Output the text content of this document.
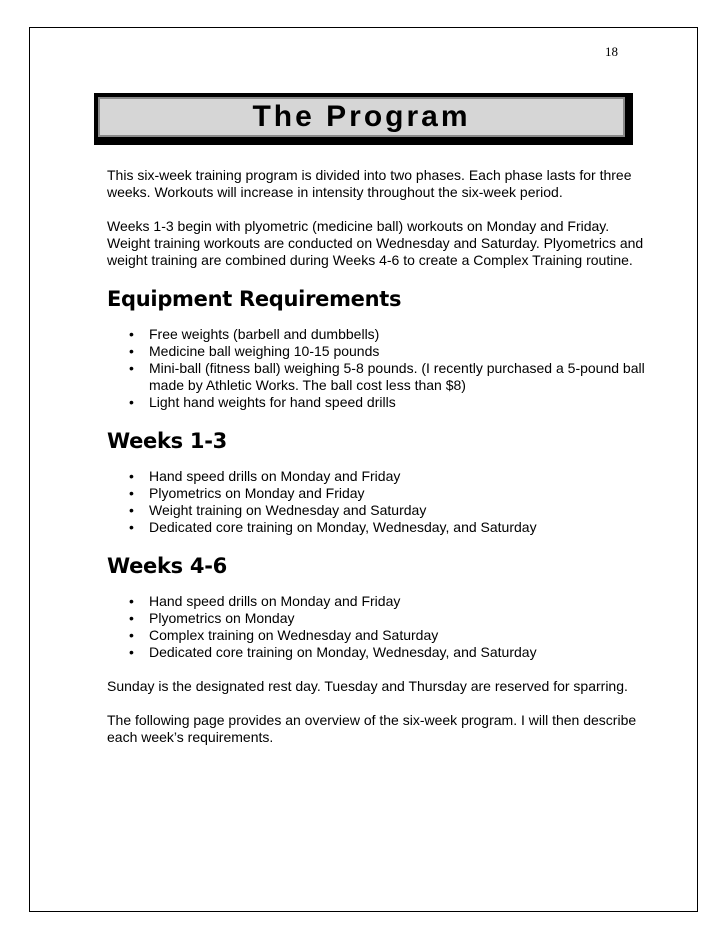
18
The Program

This six-week training program is divided into two phases. Each phase lasts for three weeks. Workouts will increase in intensity throughout the six-week period.

Weeks 1-3 begin with plyometric (medicine ball) workouts on Monday and Friday. Weight training workouts are conducted on Wednesday and Saturday. Plyometrics and weight training are combined during Weeks 4-6 to create a Complex Training routine.

Equipment Requirements
• Free weights (barbell and dumbbells)
• Medicine ball weighing 10-15 pounds
• Mini-ball (fitness ball) weighing 5-8 pounds. (I recently purchased a 5-pound ball made by Athletic Works. The ball cost less than $8)
• Light hand weights for hand speed drills
Weeks 1-3
• Hand speed drills on Monday and Friday
• Plyometrics on Monday and Friday
• Weight training on Wednesday and Saturday
• Dedicated core training on Monday, Wednesday, and Saturday
Weeks 4-6
• Hand speed drills on Monday and Friday
• Plyometrics on Monday
• Complex training on Wednesday and Saturday
• Dedicated core training on Monday, Wednesday, and Saturday

Sunday is the designated rest day. Tuesday and Thursday are reserved for sparring.

The following page provides an overview of the six-week program. I will then describe each week’s requirements.
